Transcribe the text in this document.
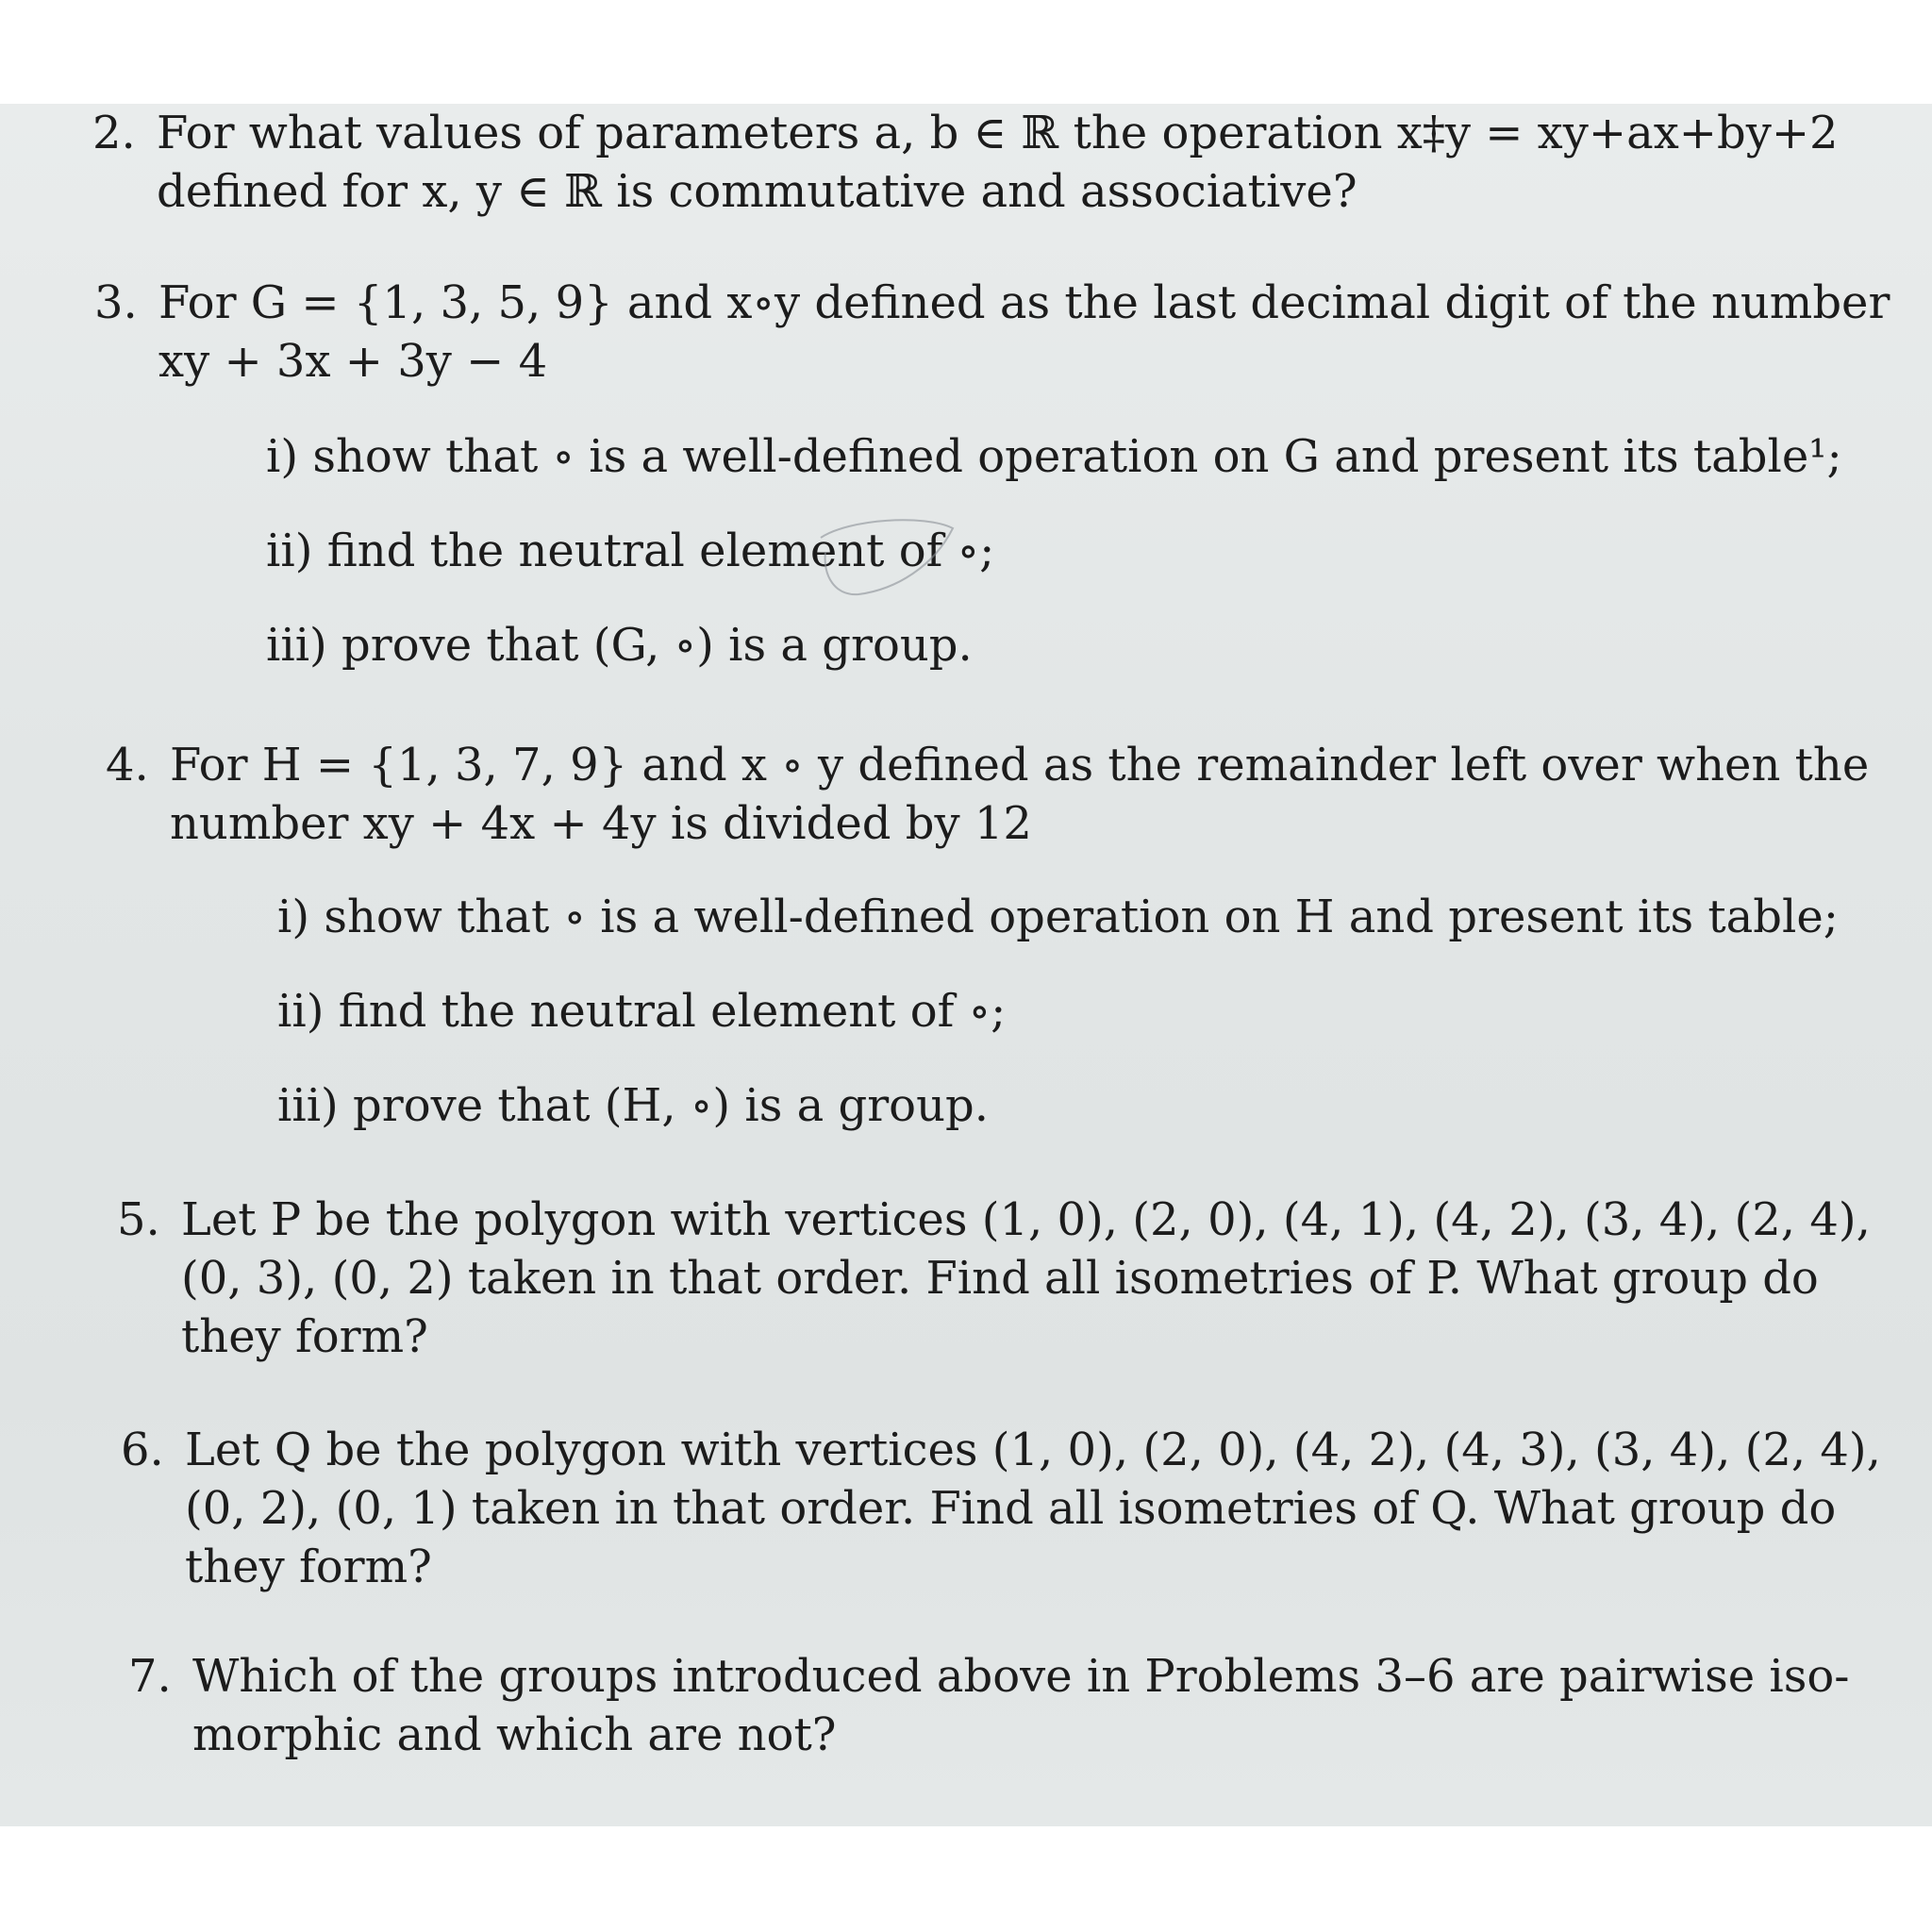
2. For what values of parameters a, b ∈ ℝ the operation x‡y = xy+ax+by+2
defined for x, y ∈ ℝ is commutative and associative?
3. For G = {1, 3, 5, 9} and x∘y defined as the last decimal digit of the number
xy + 3x + 3y − 4
i) show that ∘ is a well-defined operation on G and present its table¹;
ii) find the neutral element of ∘;
iii) prove that (G, ∘) is a group.
4. For H = {1, 3, 7, 9} and x ∘ y defined as the remainder left over when the
number xy + 4x + 4y is divided by 12
i) show that ∘ is a well-defined operation on H and present its table;
ii) find the neutral element of ∘;
iii) prove that (H, ∘) is a group.
5. Let P be the polygon with vertices (1, 0), (2, 0), (4, 1), (4, 2), (3, 4), (2, 4),
(0, 3), (0, 2) taken in that order. Find all isometries of P. What group do
they form?
6. Let Q be the polygon with vertices (1, 0), (2, 0), (4, 2), (4, 3), (3, 4), (2, 4),
(0, 2), (0, 1) taken in that order. Find all isometries of Q. What group do
they form?
7. Which of the groups introduced above in Problems 3–6 are pairwise iso-
morphic and which are not?
